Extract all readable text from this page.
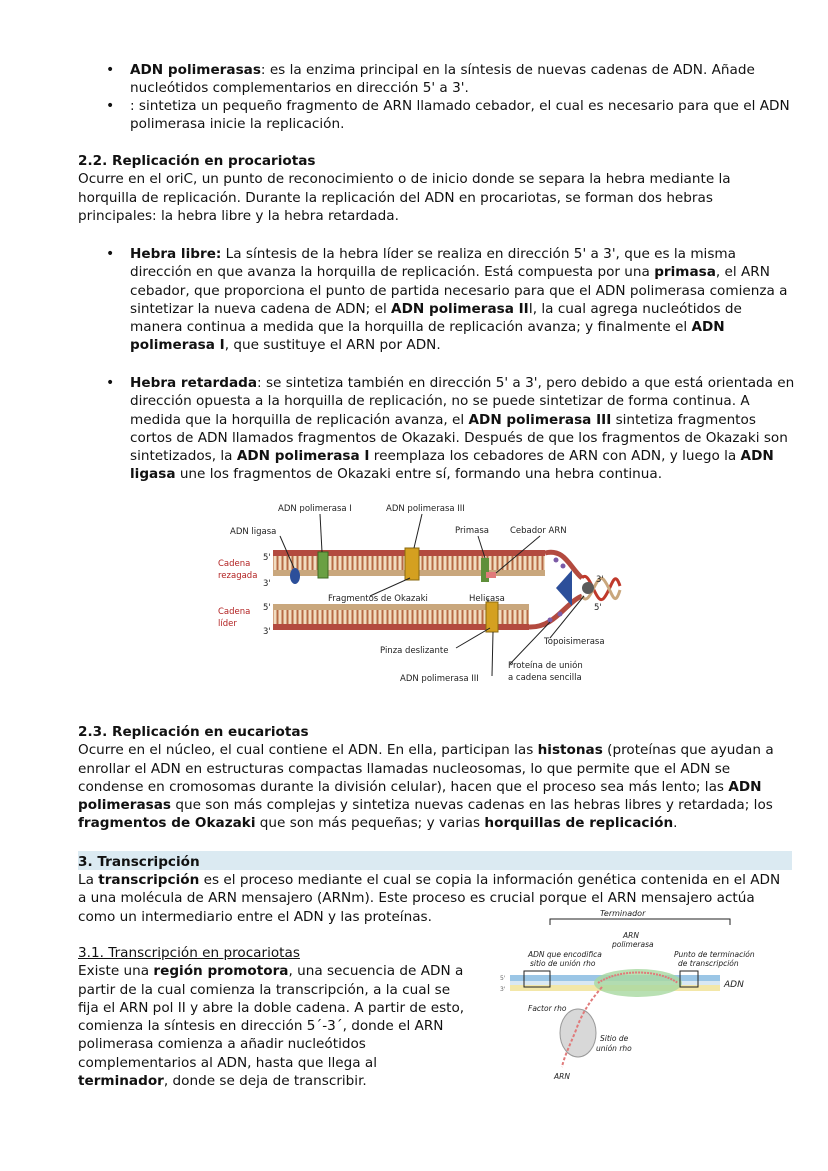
• ADN polimerasas: es la enzima principal en la síntesis de nuevas cadenas de ADN. Añade nucleótidos complementarios en dirección 5' a 3'.
• : sintetiza un pequeño fragmento de ARN llamado cebador, el cual es necesario para que el ADN polimerasa inicie la replicación.
2.2. Replicación en procariotas
Ocurre en el oriC, un punto de reconocimiento o de inicio donde se separa la hebra mediante la horquilla de replicación. Durante la replicación del ADN en procariotas, se forman dos hebras principales: la hebra libre y la hebra retardada.
• Hebra libre: La síntesis de la hebra líder se realiza en dirección 5' a 3', que es la misma dirección en que avanza la horquilla de replicación. Está compuesta por una primasa, el ARN cebador, que proporciona el punto de partida necesario para que el ADN polimerasa comienza a sintetizar la nueva cadena de ADN; el ADN polimerasa III, la cual agrega nucleótidos de manera continua a medida que la horquilla de replicación avanza; y finalmente el ADN polimerasa I, que sustituye el ARN por ADN.
• Hebra retardada: se sintetiza también en dirección 5' a 3', pero debido a que está orientada en dirección opuesta a la horquilla de replicación, no se puede sintetizar de forma continua. A medida que la horquilla de replicación avanza, el ADN polimerasa III sintetiza fragmentos cortos de ADN llamados fragmentos de Okazaki. Después de que los fragmentos de Okazaki son sintetizados, la ADN polimerasa I reemplaza los cebadores de ARN con ADN, y luego la ADN ligasa une los fragmentos de Okazaki entre sí, formando una hebra continua.
ADN polimerasa I	ADN polimerasa III
ADN ligasa	Primasa Cebador ARN
Fragmentos de Okazaki	Helicasa
Topoisimerasa
Pinza deslizante
Proteína de unión
a cadena sencilla
ADN polimerasa III
Cadena
rezagada
Cadena
líder
5'
3'
5'
3'
3'
5'
2.3. Replicación en eucariotas
Ocurre en el núcleo, el cual contiene el ADN. En ella, participan las histonas (proteínas que ayudan a enrollar el ADN en estructuras compactas llamadas nucleosomas, lo que permite que el ADN se condense en cromosomas durante la división celular), hacen que el proceso sea más lento; las ADN polimerasas que son más complejas y sintetiza nuevas cadenas en las hebras libres y retardada; los fragmentos de Okazaki que son más pequeñas; y varias horquillas de replicación.
3. Transcripción
La transcripción es el proceso mediante el cual se copia la información genética contenida en el ADN a una molécula de ARN mensajero (ARNm). Este proceso es crucial porque el ARN mensajero actúa como un intermediario entre el ADN y las proteínas.
3.1. Transcripción en procariotas
Existe una región promotora, una secuencia de ADN a partir de la cual comienza la transcripción, a la cual se fija el ARN pol II y abre la doble cadena. A partir de esto, comienza la síntesis en dirección 5´-3´, donde el ARN polimerasa comienza a añadir nucleótidos complementarios al ADN, hasta que llega al terminador, donde se deja de transcribir.
Terminador
ARN
polimerasa
ADN que encodifica
sitio de unión rho
Punto de terminación
de transcripción
Factor rho
Sitio de
unión rho
ARN
ADN
5'
3'
